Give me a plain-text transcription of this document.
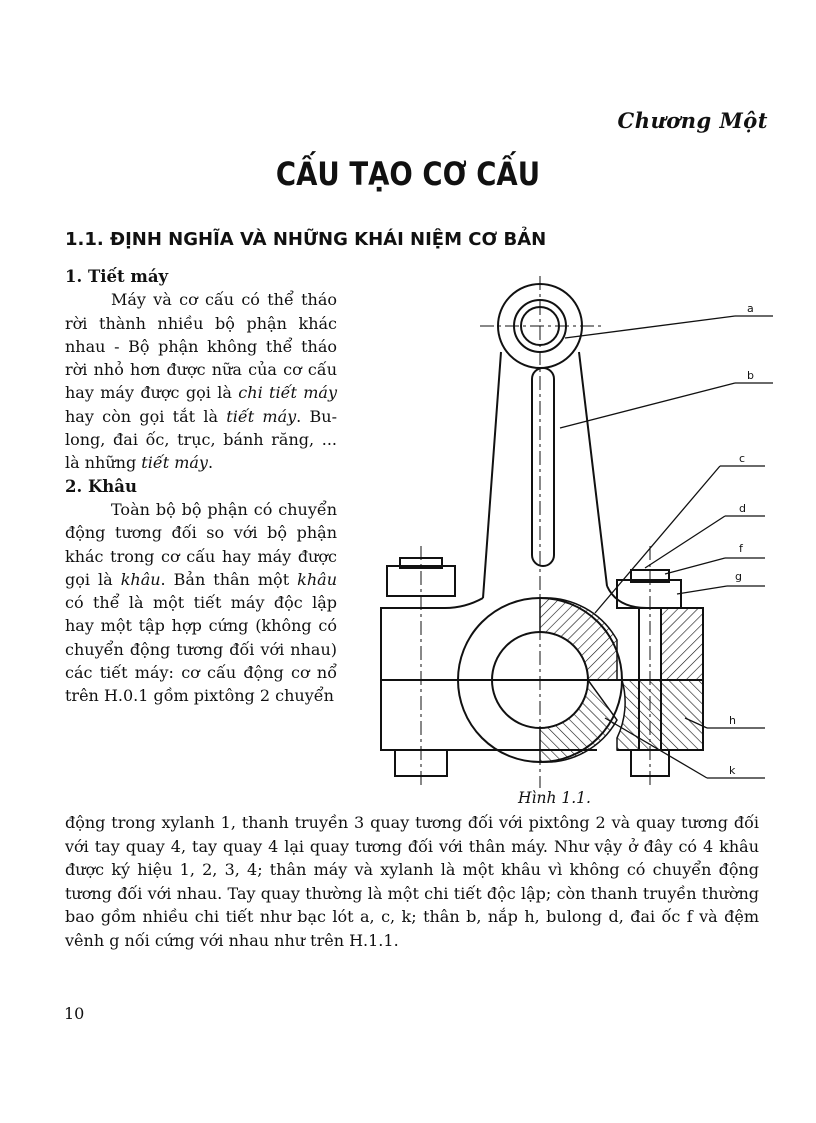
Chương Một
CẤU TẠO CƠ CẤU
1.1. ĐỊNH NGHĨA VÀ NHỮNG KHÁI NIỆM CƠ BẢN
1. Tiết máy

Máy và cơ cấu có thể tháo rời thành nhiều bộ phận khác nhau - Bộ phận không thể tháo rời nhỏ hơn được nữa của cơ cấu hay máy được gọi là chi tiết máy hay còn gọi tắt là tiết máy. Bu-long, đai ốc, trục, bánh răng, ... là những tiết máy.

2. Khâu

Toàn bộ bộ phận có chuyển động tương đối so với bộ phận khác trong cơ cấu hay máy được gọi là khâu. Bản thân một khâu có thể là một tiết máy độc lập hay một tập hợp cứng (không có chuyển động tương đối với nhau) các tiết máy: cơ cấu động cơ nổ trên H.0.1 gồm pixtông 2 chuyển

a
b
c
d
f
g
h
k
Hình 1.1.

động trong xylanh 1, thanh truyền 3 quay tương đối với pixtông 2 và quay tương đối với tay quay 4, tay quay 4 lại quay tương đối với thân máy. Như vậy ở đây có 4 khâu được ký hiệu 1, 2, 3, 4; thân máy và xylanh là một khâu vì không có chuyển động tương đối với nhau. Tay quay thường là một chi tiết độc lập; còn thanh truyền thường bao gồm nhiều chi tiết như bạc lót a, c, k; thân b, nắp h, bulong d, đai ốc f và đệm vênh g nối cứng với nhau như trên H.1.1.

10
